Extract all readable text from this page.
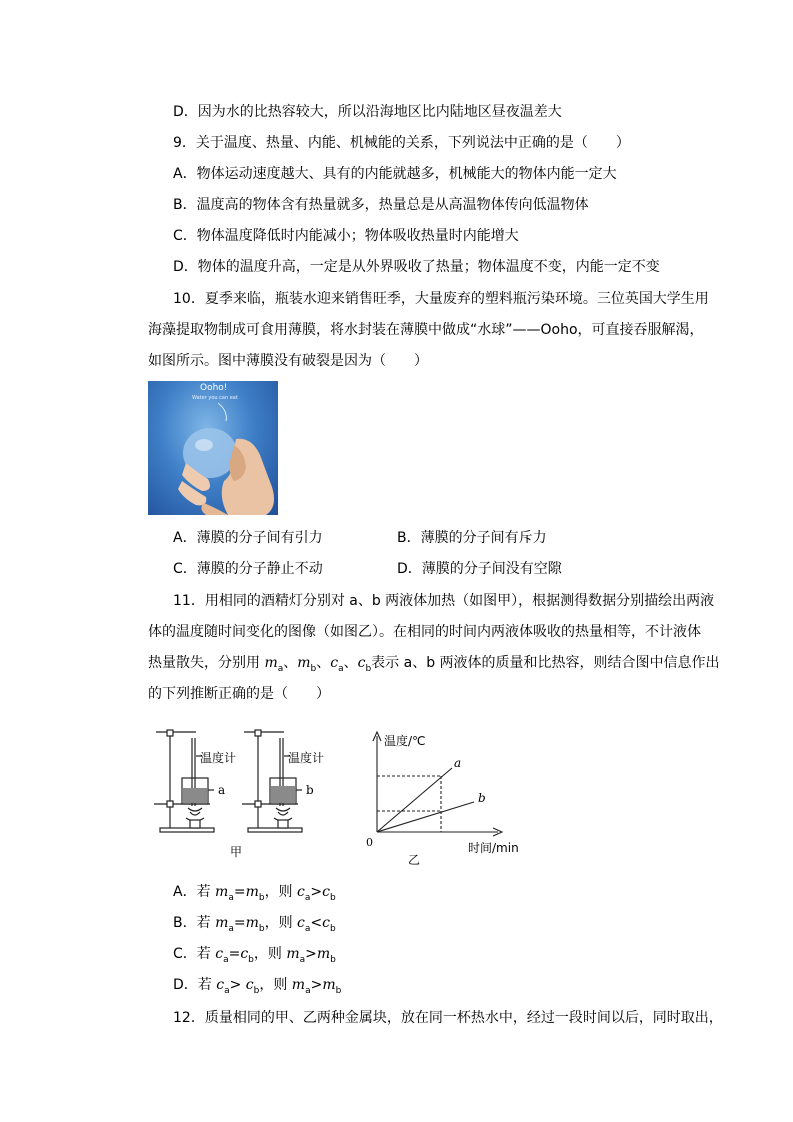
D．因为水的比热容较大，所以沿海地区比内陆地区昼夜温差大
9．关于温度、热量、内能、机械能的关系，下列说法中正确的是（　　）
A．物体运动速度越大、具有的内能就越多，机械能大的物体内能一定大
B．温度高的物体含有热量就多，热量总是从高温物体传向低温物体
C．物体温度降低时内能减小；物体吸收热量时内能增大
D．物体的温度升高，一定是从外界吸收了热量；物体温度不变，内能一定不变
10．夏季来临，瓶装水迎来销售旺季，大量废弃的塑料瓶污染环境。三位英国大学生用
海藻提取物制成可食用薄膜，将水封装在薄膜中做成“水球”——Ooho，可直接吞服解渴，
如图所示。图中薄膜没有破裂是因为（　　）
Ooho!
Water you can eat
A．薄膜的分子间有引力	B．薄膜的分子间有斥力
C．薄膜的分子静止不动	D．薄膜的分子间没有空隙
11．用相同的酒精灯分别对 a、b 两液体加热（如图甲），根据测得数据分别描绘出两液
体的温度随时间变化的图像（如图乙）。在相同的时间内两液体吸收的热量相等，不计液体
热量散失，分别用 $m_a$、$m_b$、$c_a$、$c_b$表示 a、b 两液体的质量和比热容，则结合图中信息作出
的下列推断正确的是（　　）
温度计	温度计
a	b
甲
温度/℃
时间/min
0
a
b
乙
A．若 $m_a=m_b$，则 $c_a>c_b$
B．若 $m_a=m_b$，则 $c_a<c_b$
C．若 $c_a=c_b$，则 $m_a>m_b$
D．若 $c_a> c_b$，则 $m_a>m_b$
12．质量相同的甲、乙两种金属块，放在同一杯热水中，经过一段时间以后，同时取出，
